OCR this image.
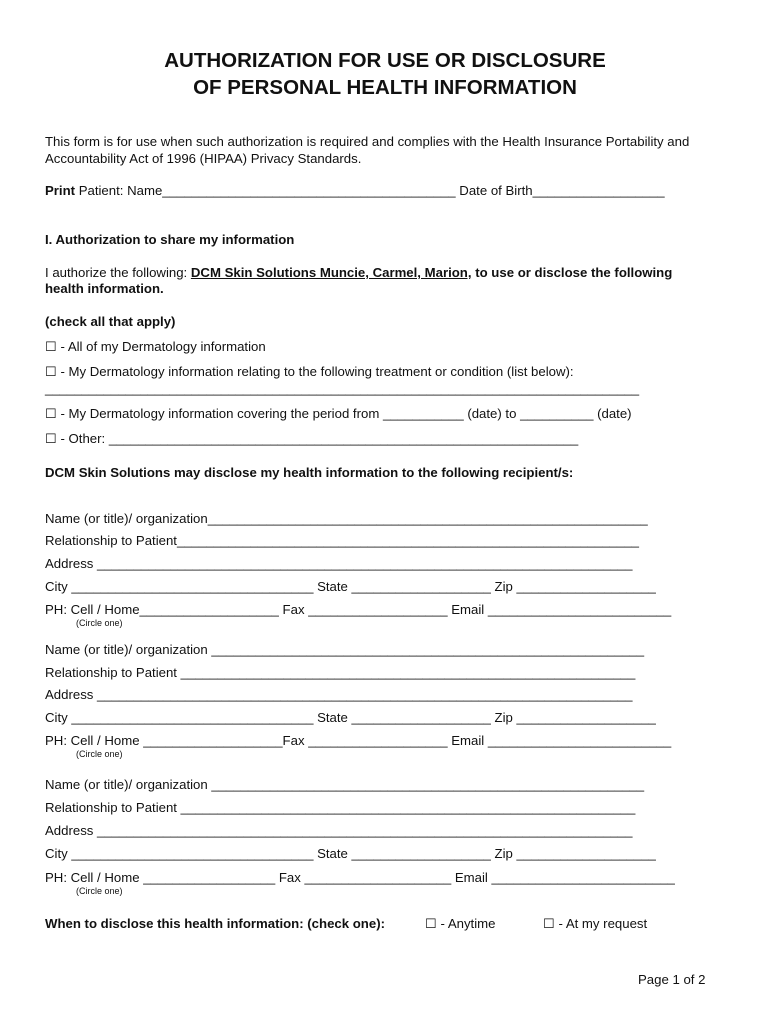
AUTHORIZATION FOR USE OR DISCLOSURE
OF PERSONAL HEALTH INFORMATION
This form is for use when such authorization is required and complies with the Health Insurance Portability and
Accountability Act of 1996 (HIPAA) Privacy Standards.
Print Patient: Name________________________________________ Date of Birth__________________
I. Authorization to share my information
I authorize the following: DCM Skin Solutions Muncie, Carmel, Marion, to use or disclose the following
health information.
(check all that apply)
☐ - All of my Dermatology information
☐ - My Dermatology information relating to the following treatment or condition (list below):
_________________________________________________________________________________
☐ - My Dermatology information covering the period from ___________ (date) to __________ (date)
☐ - Other: ________________________________________________________________
DCM Skin Solutions may disclose my health information to the following recipient/s:
Name (or title)/ organization____________________________________________________________
Relationship to Patient_______________________________________________________________
Address _________________________________________________________________________
City _________________________________ State ___________________ Zip ___________________
PH: Cell / Home___________________ Fax ___________________ Email _________________________
(Circle one)
Name (or title)/ organization ___________________________________________________________
Relationship to Patient ______________________________________________________________
Address _________________________________________________________________________
City _________________________________ State ___________________ Zip ___________________
PH: Cell / Home ___________________Fax ___________________ Email _________________________
(Circle one)
Name (or title)/ organization ___________________________________________________________
Relationship to Patient ______________________________________________________________
Address _________________________________________________________________________
City _________________________________ State ___________________ Zip ___________________
PH: Cell / Home __________________ Fax ____________________ Email _________________________
(Circle one)
When to disclose this health information: (check one):	☐ - Anytime	☐ - At my request
Page 1 of 2
